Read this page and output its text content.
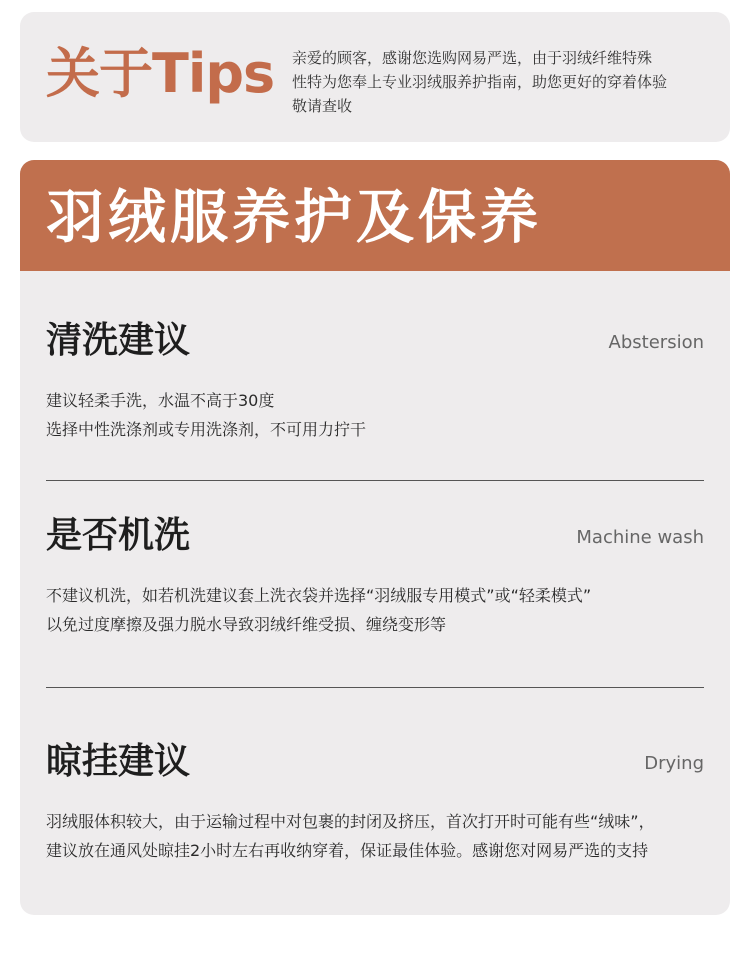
关于Tips 亲爱的顾客，感谢您选购网易严选，由于羽绒纤维特殊
性特为您奉上专业羽绒服养护指南，助您更好的穿着体验
敬请查收
羽绒服养护及保养
清洗建议	Abstersion
建议轻柔手洗，水温不高于30度
选择中性洗涤剂或专用洗涤剂，不可用力拧干
是否机洗	Machine wash
不建议机洗，如若机洗建议套上洗衣袋并选择“羽绒服专用模式”或“轻柔模式”
以免过度摩擦及强力脱水导致羽绒纤维受损、缠绕变形等
晾挂建议	Drying
羽绒服体积较大，由于运输过程中对包裹的封闭及挤压，首次打开时可能有些“绒味”，
建议放在通风处晾挂2小时左右再收纳穿着，保证最佳体验。感谢您对网易严选的支持
